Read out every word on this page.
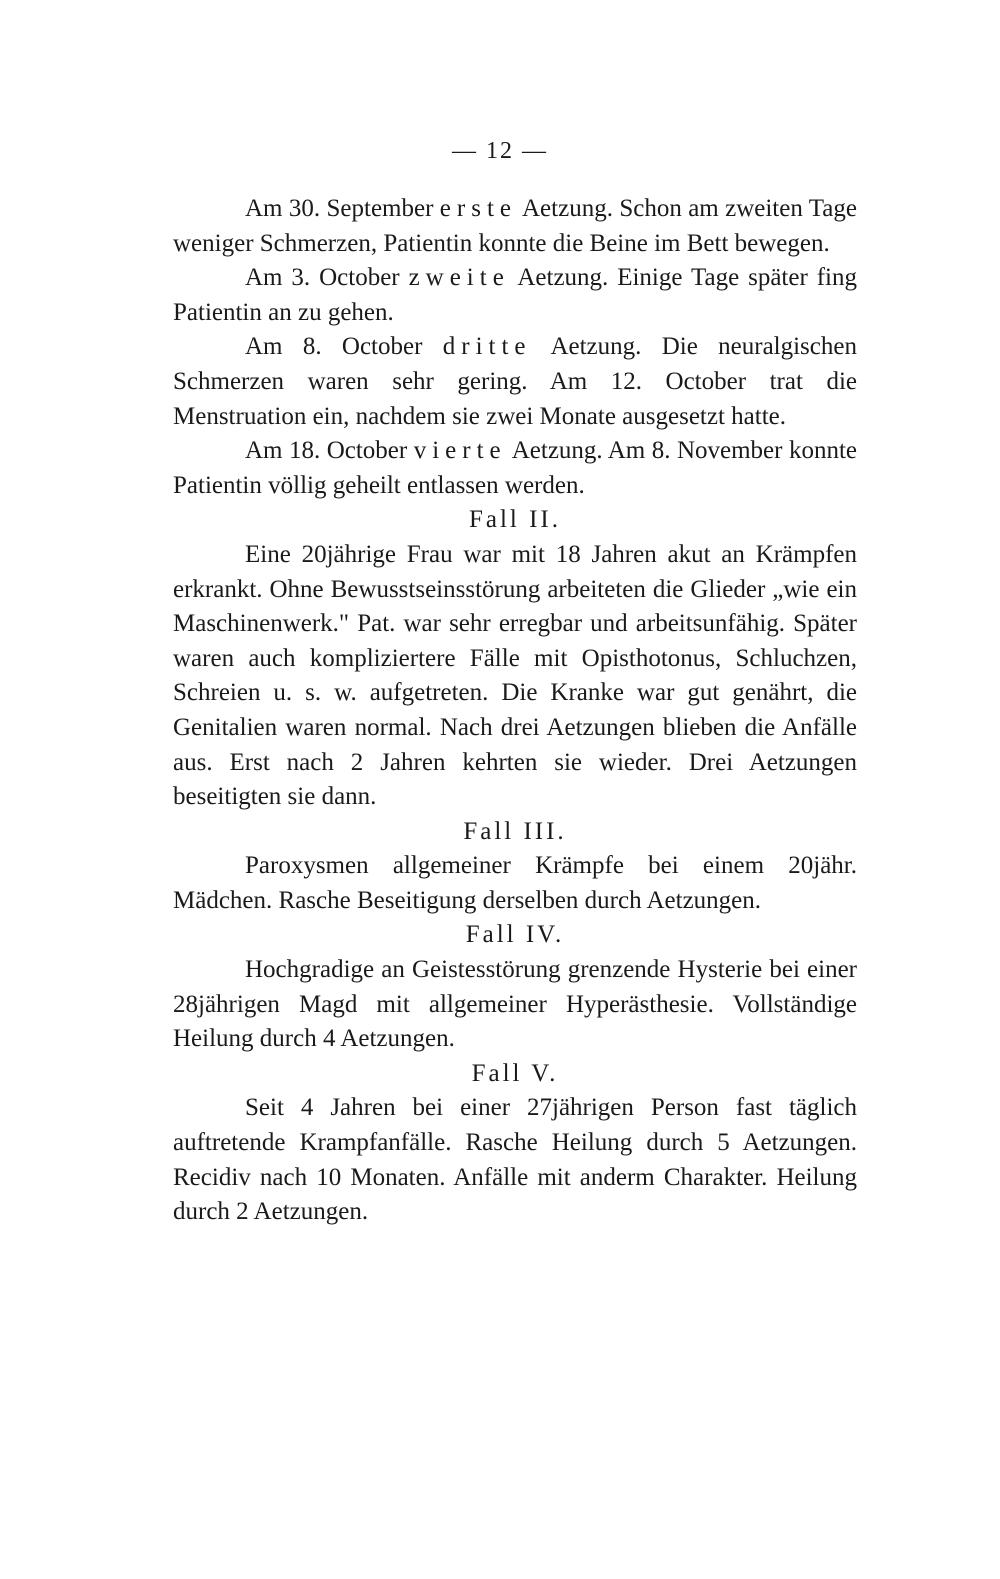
— 12 —

Am 30. September erste Aetzung. Schon am zweiten Tage weniger Schmerzen, Patientin konnte die Beine im Bett bewegen.

Am 3. October zweite Aetzung. Einige Tage später fing Patientin an zu gehen.

Am 8. October dritte Aetzung. Die neuralgischen Schmerzen waren sehr gering. Am 12. October trat die Menstruation ein, nachdem sie zwei Monate ausgesetzt hatte.

Am 18. October vierte Aetzung. Am 8. November konnte Patientin völlig geheilt entlassen werden.

Fall II.

Eine 20jährige Frau war mit 18 Jahren akut an Krämpfen erkrankt. Ohne Bewusstseinsstörung arbeiteten die Glieder „wie ein Maschinenwerk." Pat. war sehr erregbar und arbeitsunfähig. Später waren auch kompliziertere Fälle mit Opisthotonus, Schluchzen, Schreien u. s. w. aufgetreten. Die Kranke war gut genährt, die Genitalien waren normal. Nach drei Aetzungen blieben die Anfälle aus. Erst nach 2 Jahren kehrten sie wieder. Drei Aetzungen beseitigten sie dann.

Fall III.

Paroxysmen allgemeiner Krämpfe bei einem 20jähr. Mädchen. Rasche Beseitigung derselben durch Aetzungen.

Fall IV.

Hochgradige an Geistesstörung grenzende Hysterie bei einer 28jährigen Magd mit allgemeiner Hyperästhesie. Vollständige Heilung durch 4 Aetzungen.

Fall V.

Seit 4 Jahren bei einer 27jährigen Person fast täglich auftretende Krampfanfälle. Rasche Heilung durch 5 Aetzungen. Recidiv nach 10 Monaten. Anfälle mit anderm Charakter. Heilung durch 2 Aetzungen.
